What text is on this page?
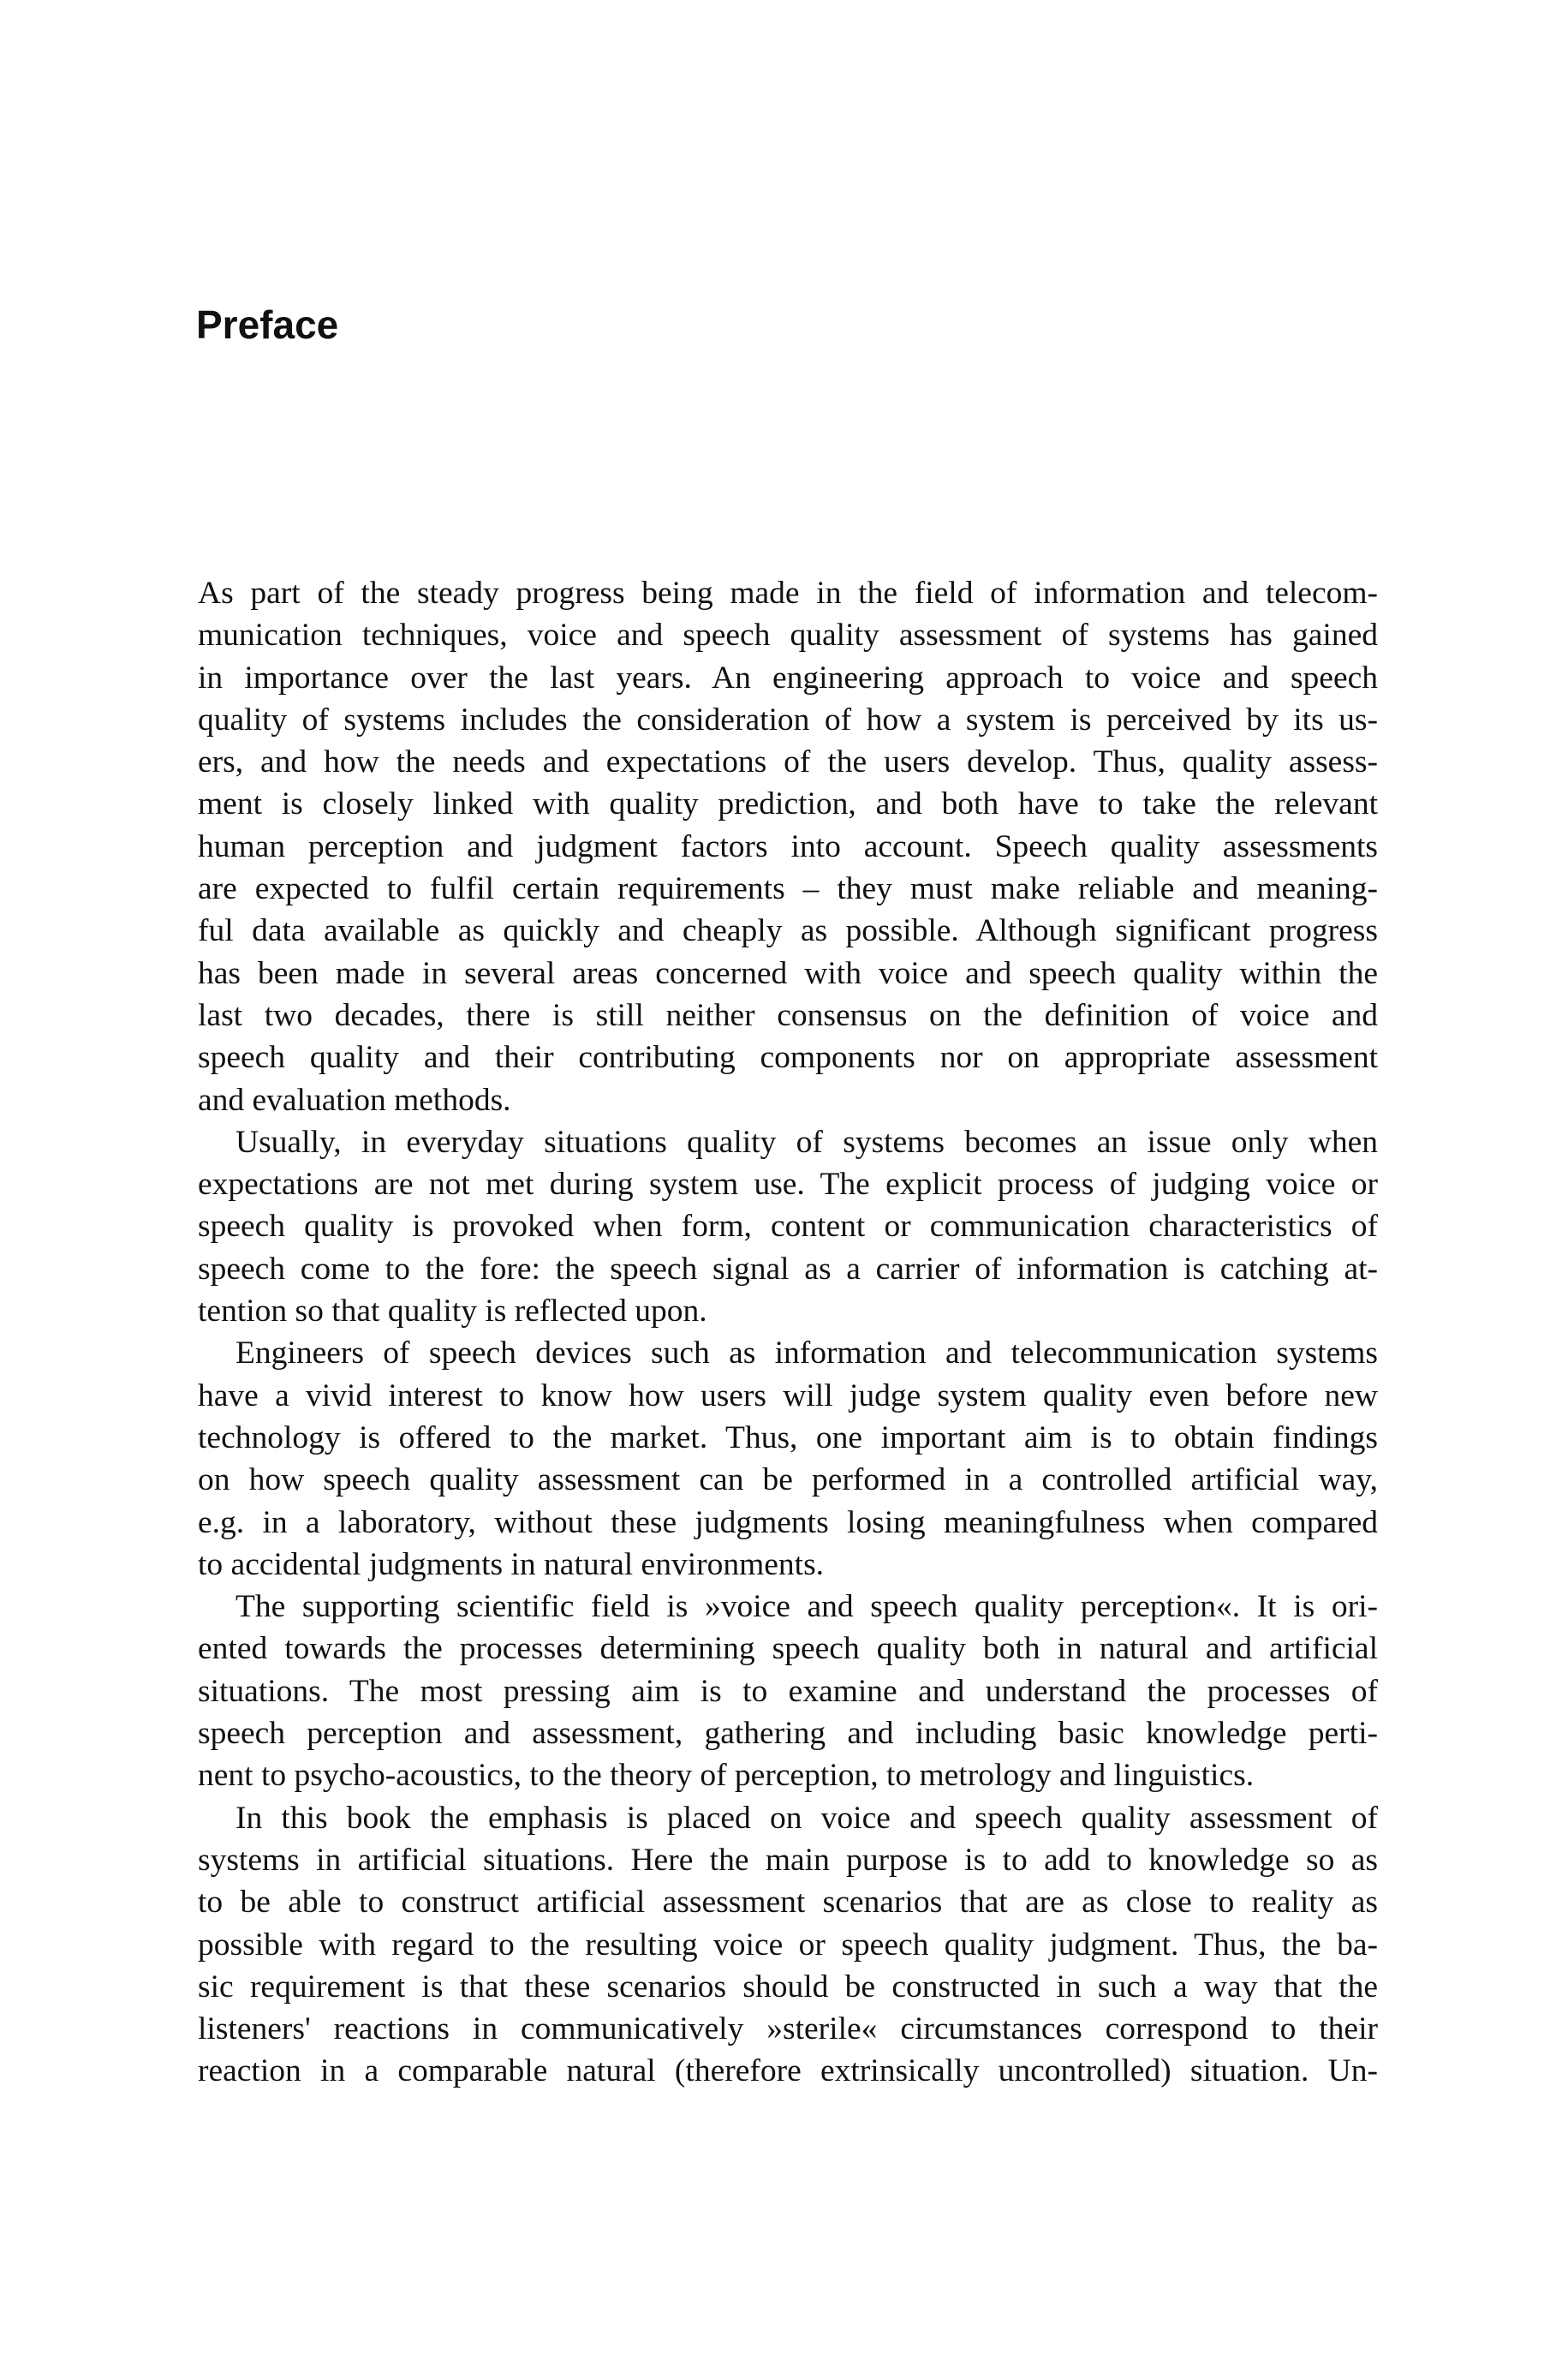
Preface

As part of the steady progress being made in the field of information and telecom-
munication techniques, voice and speech quality assessment of systems has gained
in importance over the last years. An engineering approach to voice and speech
quality of systems includes the consideration of how a system is perceived by its us-
ers, and how the needs and expectations of the users develop. Thus, quality assess-
ment is closely linked with quality prediction, and both have to take the relevant
human perception and judgment factors into account. Speech quality assessments
are expected to fulfil certain requirements – they must make reliable and meaning-
ful data available as quickly and cheaply as possible. Although significant progress
has been made in several areas concerned with voice and speech quality within the
last two decades, there is still neither consensus on the definition of voice and
speech quality and their contributing components nor on appropriate assessment
and evaluation methods.

Usually, in everyday situations quality of systems becomes an issue only when
expectations are not met during system use. The explicit process of judging voice or
speech quality is provoked when form, content or communication characteristics of
speech come to the fore: the speech signal as a carrier of information is catching at-
tention so that quality is reflected upon.

Engineers of speech devices such as information and telecommunication systems
have a vivid interest to know how users will judge system quality even before new
technology is offered to the market. Thus, one important aim is to obtain findings
on how speech quality assessment can be performed in a controlled artificial way,
e.g. in a laboratory, without these judgments losing meaningfulness when compared
to accidental judgments in natural environments.

The supporting scientific field is »voice and speech quality perception«. It is ori-
ented towards the processes determining speech quality both in natural and artificial
situations. The most pressing aim is to examine and understand the processes of
speech perception and assessment, gathering and including basic knowledge perti-
nent to psycho-acoustics, to the theory of perception, to metrology and linguistics.

In this book the emphasis is placed on voice and speech quality assessment of
systems in artificial situations. Here the main purpose is to add to knowledge so as
to be able to construct artificial assessment scenarios that are as close to reality as
possible with regard to the resulting voice or speech quality judgment. Thus, the ba-
sic requirement is that these scenarios should be constructed in such a way that the
listeners' reactions in communicatively »sterile« circumstances correspond to their
reaction in a comparable natural (therefore extrinsically uncontrolled) situation. Un-
